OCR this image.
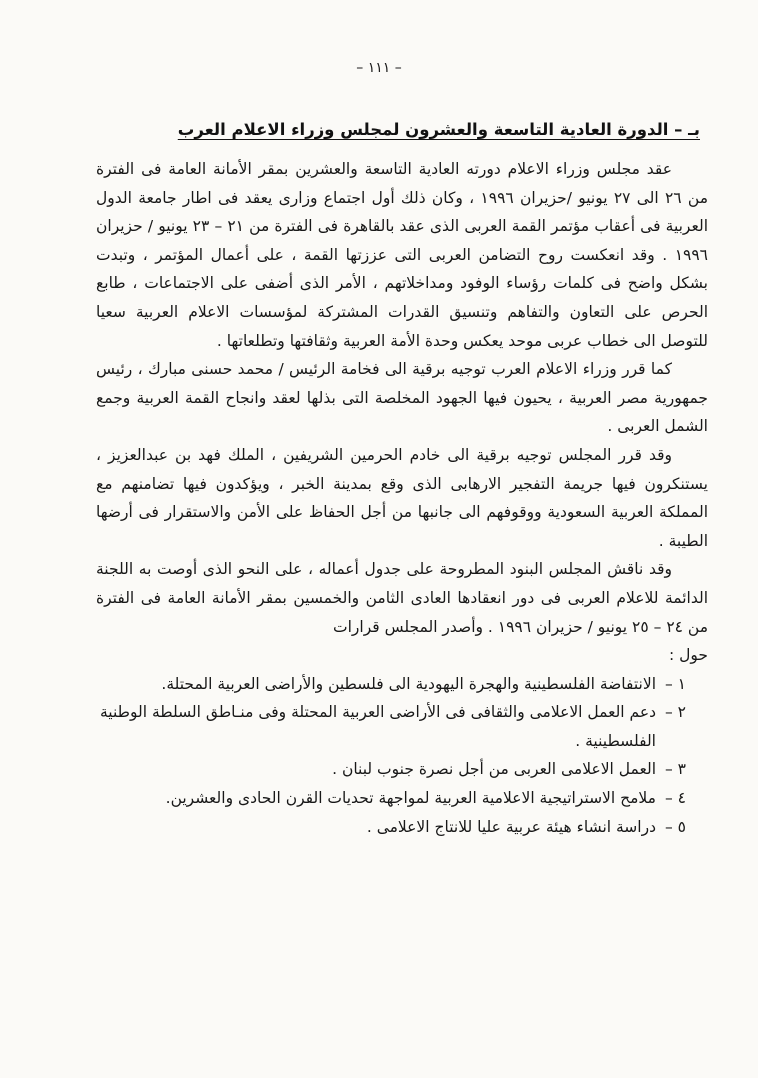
– ١١١ –
بـ – الدورة العادية التاسعة والعشرون لمجلس وزراء الاعلام العرب

عقد مجلس وزراء الاعلام دورته العادية التاسعة والعشرين بمقر الأمانة العامة فى الفترة من ٢٦ الى ٢٧ يونيو /حزيران ١٩٩٦ ، وكان ذلك أول اجتماع وزارى يعقد فى اطار جامعة الدول العربية فى أعقاب مؤتمر القمة العربى الذى عقد بالقاهرة فى الفترة من ٢١ – ٢٣ يونيو / حزيران ١٩٩٦ . وقد انعكست روح التضامن العربى التى عززتها القمة ، على أعمال المؤتمر ، وتبدت بشكل واضح فى كلمات رؤساء الوفود ومداخلاتهم ، الأمر الذى أضفى على الاجتماعات ، طابع الحرص على التعاون والتفاهم وتنسيق القدرات المشتركة لمؤسسات الاعلام العربية سعيا للتوصل الى خطاب عربى موحد يعكس وحدة الأمة العربية وثقافتها وتطلعاتها .

كما قرر وزراء الاعلام العرب توجيه برقية الى فخامة الرئيس / محمد حسنى مبارك ، رئيس جمهورية مصر العربية ، يحيون فيها الجهود المخلصة التى بذلها لعقد وانجاح القمة العربية وجمع الشمل العربى .

وقد قرر المجلس توجيه برقية الى خادم الحرمين الشريفين ، الملك فهد بن عبدالعزيز ، يستنكرون فيها جريمة التفجير الارهابى الذى وقع بمدينة الخبر ، ويؤكدون فيها تضامنهم مع المملكة العربية السعودية ووقوفهم الى جانبها من أجل الحفاظ على الأمن والاستقرار فى أرضها الطيبة .

وقد ناقش المجلس البنود المطروحة على جدول أعماله ، على النحو الذى أوصت به اللجنة الدائمة للاعلام العربى فى دور انعقادها العادى الثامن والخمسين بمقر الأمانة العامة فى الفترة من ٢٤ – ٢٥ يونيو / حزيران ١٩٩٦ . وأصدر المجلس قرارات

حول :

١ –
الانتفاضة الفلسطينية والهجرة اليهودية الى فلسطين والأراضى العربية المحتلة.
٢ –
دعم العمل الاعلامى والثقافى فى الأراضى العربية المحتلة وفى منـاطق السلطة الوطنية الفلسطينية .
٣ –
العمل الاعلامى العربى من أجل نصرة جنوب لبنان .
٤ –
ملامح الاستراتيجية الاعلامية العربية لمواجهة تحديات القرن الحادى والعشرين.
٥ –
دراسة انشاء هيئة عربية عليا للانتاج الاعلامى .
